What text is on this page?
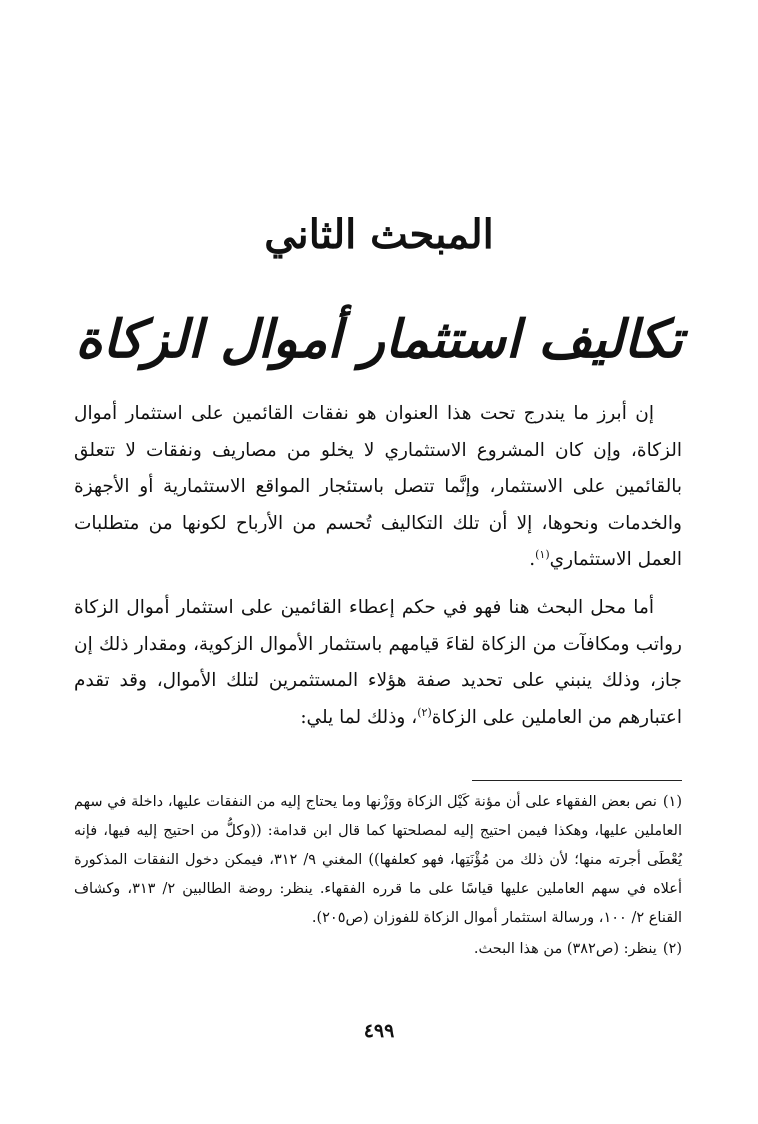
المبحث الثاني
تكاليف استثمار أموال الزكاة

إن أبرز ما يندرج تحت هذا العنوان هو نفقات القائمين على استثمار أموال الزكاة، وإن كان المشروع الاستثماري لا يخلو من مصاريف ونفقات لا تتعلق بالقائمين على الاستثمار، وإنَّما تتصل باستئجار المواقع الاستثمارية أو الأجهزة والخدمات ونحوها، إلا أن تلك التكاليف تُحسم من الأرباح لكونها من متطلبات العمل الاستثماري$^{(١)}$.

أما محل البحث هنا فهو في حكم إعطاء القائمين على استثمار أموال الزكاة رواتب ومكافآت من الزكاة لقاءَ قيامهم باستثمار الأموال الزكوية، ومقدار ذلك إن جاز، وذلك ينبني على تحديد صفة هؤلاء المستثمرين لتلك الأموال، وقد تقدم اعتبارهم من العاملين على الزكاة$^{(٢)}$، وذلك لما يلي:

(١)نص بعض الفقهاء على أن مؤنة كَيْل الزكاة ووَزْنها وما يحتاج إليه من النفقات عليها، داخلة في سهم العاملين عليها، وهكذا فيمن احتيج إليه لمصلحتها كما قال ابن قدامة: ((وكلُّ من احتيج إليه فيها، فإنه يُعْطَى أجرته منها؛ لأن ذلك من مُؤْنَتِها، فهو كعلفها)) المغني ٩/ ٣١٢، فيمكن دخول النفقات المذكورة أعلاه في سهم العاملين عليها قياسًا على ما قرره الفقهاء. ينظر: روضة الطالبين ٢/ ٣١٣، وكشاف القناع ٢/ ١٠٠، ورسالة استثمار أموال الزكاة للفوزان (ص٢٠٥).

(٢)ينظر: (ص٣٨٢) من هذا البحث.

٤٩٩
